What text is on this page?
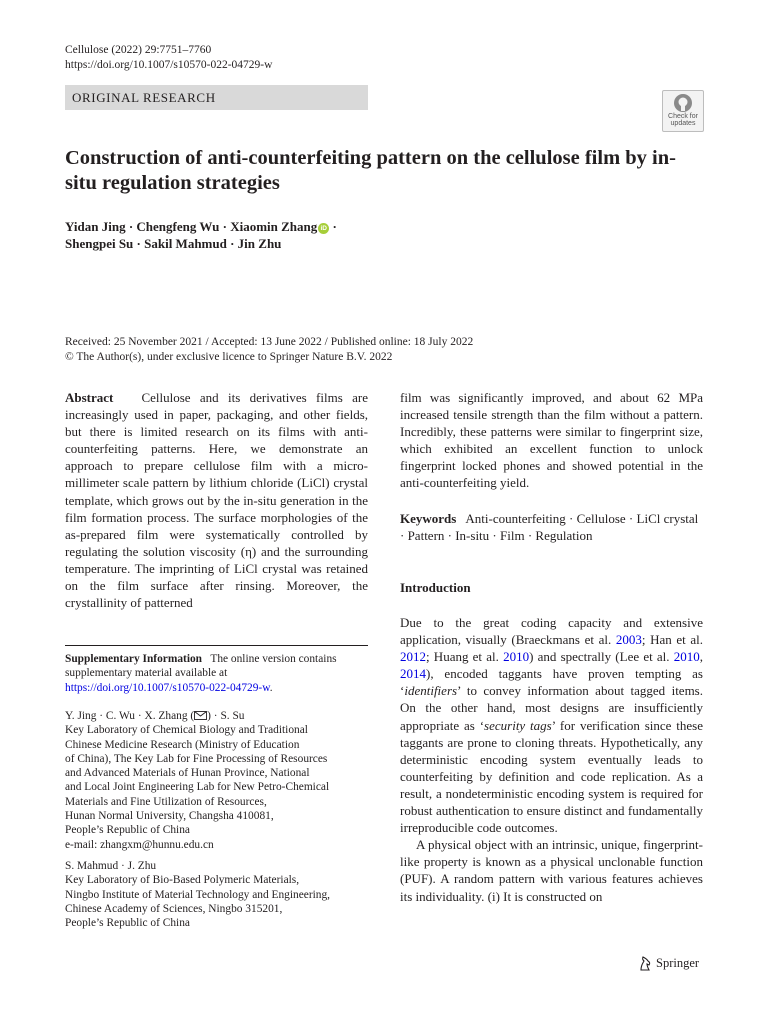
Cellulose (2022) 29:7751–7760
https://doi.org/10.1007/s10570-022-04729-w
ORIGINAL RESEARCH
Check for
updates
Construction of anti-counterfeiting pattern on the cellulose film by in-situ regulation strategies
Yidan Jing · Chengfeng Wu · Xiaomin Zhang iD ·
Shengpei Su · Sakil Mahmud · Jin Zhu
Received: 25 November 2021 / Accepted: 13 June 2022 / Published online: 18 July 2022
© The Author(s), under exclusive licence to Springer Nature B.V. 2022

Abstract Cellulose and its derivatives films are increasingly used in paper, packaging, and other fields, but there is limited research on its films with anti-counterfeiting patterns. Here, we demonstrate an approach to prepare cellulose film with a micro-millimeter scale pattern by lithium chloride (LiCl) crystal template, which grows out by the in-situ generation in the film formation process. The surface morphologies of the as-prepared film were systematically controlled by regulating the solution viscosity (η) and the surrounding temperature. The imprinting of LiCl crystal was retained on the film surface after rinsing. Moreover, the crystallinity of patterned

Supplementary Information The online version contains supplementary material available at https://doi.org/10.1007/s10570-022-04729-w.
Y. Jing · C. Wu · X. Zhang ( ) · S. Su
Key Laboratory of Chemical Biology and Traditional
Chinese Medicine Research (Ministry of Education
of China), The Key Lab for Fine Processing of Resources
and Advanced Materials of Hunan Province, National
and Local Joint Engineering Lab for New Petro-Chemical
Materials and Fine Utilization of Resources,
Hunan Normal University, Changsha 410081,
People’s Republic of China
e-mail: zhangxm@hunnu.edu.cn
S. Mahmud · J. Zhu
Key Laboratory of Bio-Based Polymeric Materials,
Ningbo Institute of Material Technology and Engineering,
Chinese Academy of Sciences, Ningbo 315201,
People’s Republic of China

film was significantly improved, and about 62 MPa increased tensile strength than the film without a pattern. Incredibly, these patterns were similar to fingerprint size, which exhibited an excellent function to unlock fingerprint locked phones and showed potential in the anti-counterfeiting yield.

Keywords Anti-counterfeiting · Cellulose · LiCl crystal · Pattern · In-situ · Film · Regulation
Introduction

Due to the great coding capacity and extensive application, visually (Braeckmans et al. 2003; Han et al. 2012; Huang et al. 2010) and spectrally (Lee et al. 2010, 2014), encoded taggants have proven tempting as ‘identifiers’ to convey information about tagged items. On the other hand, most designs are insufficiently appropriate as ‘security tags’ for verification since these taggants are prone to cloning threats. Hypothetically, any deterministic encoding system eventually leads to counterfeiting by definition and code replication. As a result, a nondeterministic encoding system is required for robust authentication to ensure distinct and fundamentally irreproducible code outcomes.

A physical object with an intrinsic, unique, fingerprint-like property is known as a physical unclonable function (PUF). A random pattern with various features achieves its individuality. (i) It is constructed on

Springer
